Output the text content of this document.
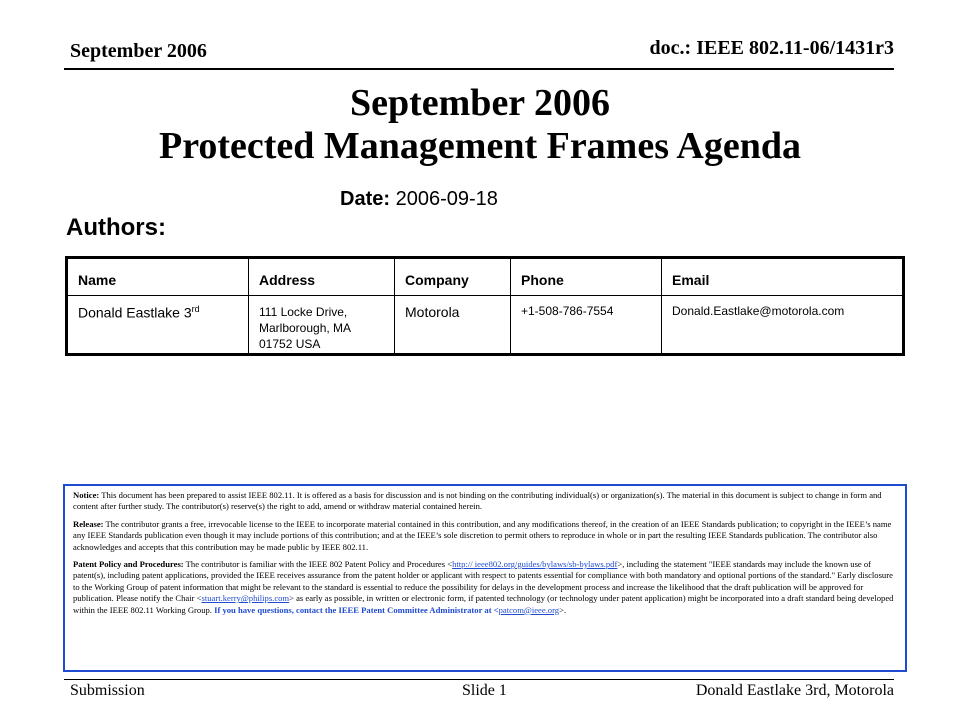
September 2006	doc.: IEEE 802.11-06/1431r3
September 2006
Protected Management Frames Agenda
Date: 2006-09-18
Authors:
Name	Address	Company	Phone	Email
Donald Eastlake 3rd	111 Locke Drive, Marlborough, MA 01752 USA	Motorola	+1-508-786-7554	Donald.Eastlake@motorola.com

Notice: This document has been prepared to assist IEEE 802.11. It is offered as a basis for discussion and is not binding on the contributing individual(s) or organization(s). The material in this document is subject to change in form and content after further study. The contributor(s) reserve(s) the right to add, amend or withdraw material contained herein.

Release: The contributor grants a free, irrevocable license to the IEEE to incorporate material contained in this contribution, and any modifications thereof, in the creation of an IEEE Standards publication; to copyright in the IEEE’s name any IEEE Standards publication even though it may include portions of this contribution; and at the IEEE’s sole discretion to permit others to reproduce in whole or in part the resulting IEEE Standards publication. The contributor also acknowledges and accepts that this contribution may be made public by IEEE 802.11.

Patent Policy and Procedures: The contributor is familiar with the IEEE 802 Patent Policy and Procedures <http:// ieee802.org/guides/bylaws/sb-bylaws.pdf>, including the statement "IEEE standards may include the known use of patent(s), including patent applications, provided the IEEE receives assurance from the patent holder or applicant with respect to patents essential for compliance with both mandatory and optional portions of the standard." Early disclosure to the Working Group of patent information that might be relevant to the standard is essential to reduce the possibility for delays in the development process and increase the likelihood that the draft publication will be approved for publication. Please notify the Chair <stuart.kerry@philips.com> as early as possible, in written or electronic form, if patented technology (or technology under patent application) might be incorporated into a draft standard being developed within the IEEE 802.11 Working Group. If you have questions, contact the IEEE Patent Committee Administrator at <patcom@ieee.org>.

Submission	Slide 1	Donald Eastlake 3rd, Motorola
